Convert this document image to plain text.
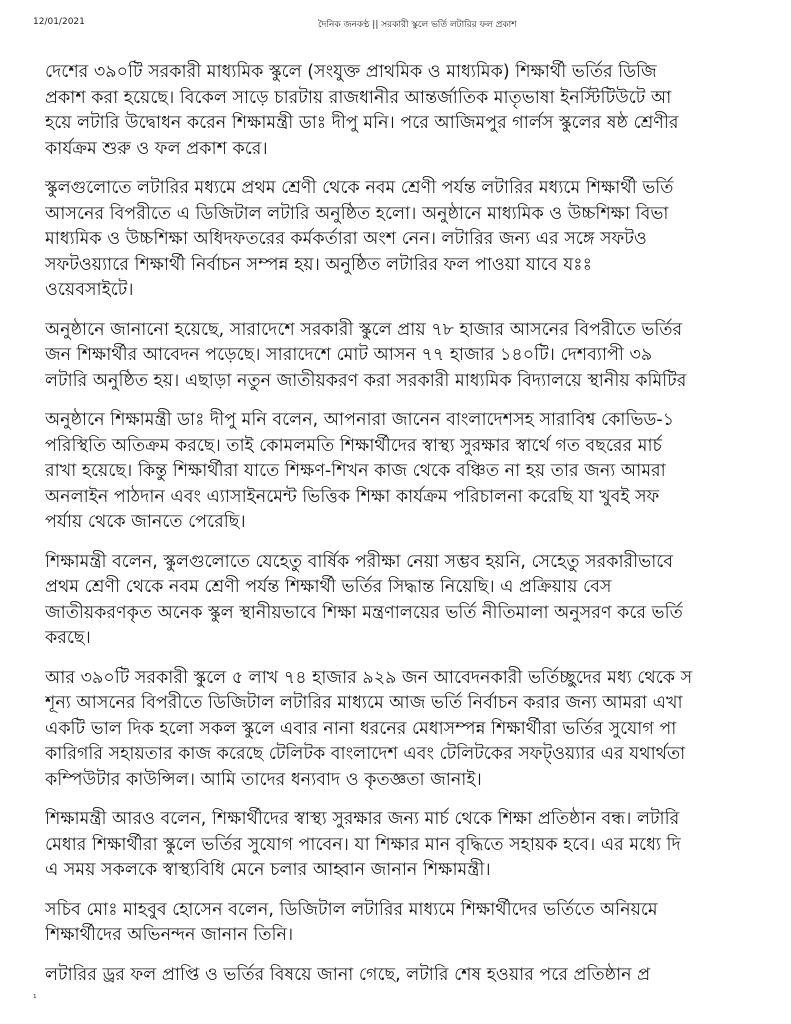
12/01/2021	দৈনিক জনকণ্ঠ || সরকারী স্কুলে ভর্তি লটারির ফল প্রকাশ
¹
দেশের ৩৯০টি সরকারী মাধ্যমিক স্কুলে (সংযুক্ত প্রাথমিক ও মাধ্যমিক) শিক্ষার্থী ভর্তির ডিজি
প্রকাশ করা হয়েছে। বিকেল সাড়ে চারটায় রাজধানীর আন্তর্জাতিক মাতৃভাষা ইনস্টিটিউটে আ
হয়ে লটারি উদ্বোধন করেন শিক্ষামন্ত্রী ডাঃ দীপু মনি। পরে আজিমপুর গার্লস স্কুলের ষষ্ঠ শ্রেণীর
কার্যক্রম শুরু ও ফল প্রকাশ করে।
স্কুলগুলোতে লটারির মধ্যমে প্রথম শ্রেণী থেকে নবম শ্রেণী পর্যন্ত লটারির মধ্যমে শিক্ষার্থী ভর্তি
আসনের বিপরীতে এ ডিজিটাল লটারি অনুষ্ঠিত হলো। অনুষ্ঠানে মাধ্যমিক ও উচ্চশিক্ষা বিভা
মাধ্যমিক ও উচ্চশিক্ষা অধিদফতরের কর্মকর্তারা অংশ নেন। লটারির জন্য এর সঙ্গে সফটও
সফটওয়্যারে শিক্ষার্থী নির্বাচন সম্পন্ন হয়। অনুষ্ঠিত লটারির ফল পাওয়া যাবে যঃঃ
ওয়েবসাইটে।
অনুষ্ঠানে জানানো হয়েছে, সারাদেশে সরকারী স্কুলে প্রায় ৭৮ হাজার আসনের বিপরীতে ভর্তির
জন শিক্ষার্থীর আবেদন পড়েছে। সারাদেশে মোট আসন ৭৭ হাজার ১৪০টি। দেশব্যাপী ৩৯
লটারি অনুষ্ঠিত হয়। এছাড়া নতুন জাতীয়করণ করা সরকারী মাধ্যমিক বিদ্যালয়ে স্থানীয় কমিটির
অনুষ্ঠানে শিক্ষামন্ত্রী ডাঃ দীপু মনি বলেন, আপনারা জানেন বাংলাদেশসহ সারাবিশ্ব কোভিড-১
পরিস্থিতি অতিক্রম করছে। তাই কোমলমতি শিক্ষার্থীদের স্বাস্থ্য সুরক্ষার স্বার্থে গত বছরের মার্চ
রাখা হয়েছে। কিন্তু শিক্ষার্থীরা যাতে শিক্ষণ-শিখন কাজ থেকে বঞ্চিত না হয় তার জন্য আমরা
অনলাইন পাঠদান এবং এ্যাসাইনমেন্ট ভিত্তিক শিক্ষা কার্যক্রম পরিচালনা করেছি যা খুবই সফ
পর্যায় থেকে জানতে পেরেছি।
শিক্ষামন্ত্রী বলেন, স্কুলগুলোতে যেহেতু বার্ষিক পরীক্ষা নেয়া সম্ভব হয়নি, সেহেতু সরকারীভাবে
প্রথম শ্রেণী থেকে নবম শ্রেণী পর্যন্ত শিক্ষার্থী ভর্তির সিদ্ধান্ত নিয়েছি। এ প্রক্রিয়ায় বেস
জাতীয়করণকৃত অনেক স্কুল স্থানীয়ভাবে শিক্ষা মন্ত্রণালয়ের ভর্তি নীতিমালা অনুসরণ করে ভর্তি
করছে।
আর ৩৯০টি সরকারী স্কুলে ৫ লাখ ৭৪ হাজার ৯২৯ জন আবেদনকারী ভর্তিচ্ছুদের মধ্য থেকে স
শূন্য আসনের বিপরীতে ডিজিটাল লটারির মাধ্যমে আজ ভর্তি নির্বাচন করার জন্য আমরা এখা
একটি ভাল দিক হলো সকল স্কুলে এবার নানা ধরনের মেধাসম্পন্ন শিক্ষার্থীরা ভর্তির সুযোগ পা
কারিগরি সহায়তার কাজ করেছে টেলিটক বাংলাদেশ এবং টেলিটকের সফট্‌ওয়্যার এর যথার্থতা
কম্পিউটার কাউন্সিল। আমি তাদের ধন্যবাদ ও কৃতজ্ঞতা জানাই।
শিক্ষামন্ত্রী আরও বলেন, শিক্ষার্থীদের স্বাস্থ্য সুরক্ষার জন্য মার্চ থেকে শিক্ষা প্রতিষ্ঠান বন্ধ। লটারি
মেধার শিক্ষার্থীরা স্কুলে ভর্তির সুযোগ পাবেন। যা শিক্ষার মান বৃদ্ধিতে সহায়ক হবে। এর মধ্যে দি
এ সময় সকলকে স্বাস্থ্যবিধি মেনে চলার আহ্বান জানান শিক্ষামন্ত্রী।
সচিব মোঃ মাহবুব হোসেন বলেন, ডিজিটাল লটারির মাধ্যমে শিক্ষার্থীদের ভর্তিতে অনিয়মে
শিক্ষার্থীদের অভিনন্দন জানান তিনি।
লটারির ড্রর ফল প্রাপ্তি ও ভর্তির বিষয়ে জানা গেছে, লটারি শেষ হওয়ার পরে প্রতিষ্ঠান প্র
